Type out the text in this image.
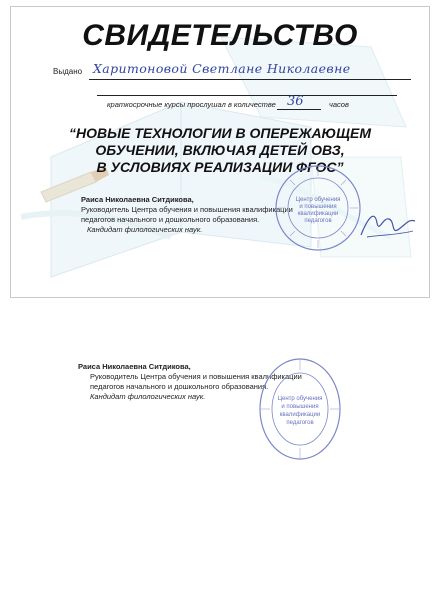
СВИДЕТЕЛЬСТВО
Выдано Харитоновой Светлане Николаевне
краткосрочные курсы прослушал в количестве 36	часов
“НОВЫЕ ТЕХНОЛОГИИ В ОПЕРЕЖАЮЩЕМ
ОБУЧЕНИИ, ВКЛЮЧАЯ ДЕТЕЙ ОВЗ,
В УСЛОВИЯХ РЕАЛИЗАЦИИ ФГОС”
Раиса Николаевна Ситдикова,
Руководитель Центра обучения и повышения квалификации
педагогов начального и дошкольного образования.
Кандидат филологических наук.
Центр обучения
и повышения
квалификации
педагогов
Раиса Николаевна Ситдикова,
Руководитель Центра обучения и повышения квалификации
педагогов начального и дошкольного образования.
Кандидат филологических наук.	Центр обучения
и повышения
квалификации
педагогов
